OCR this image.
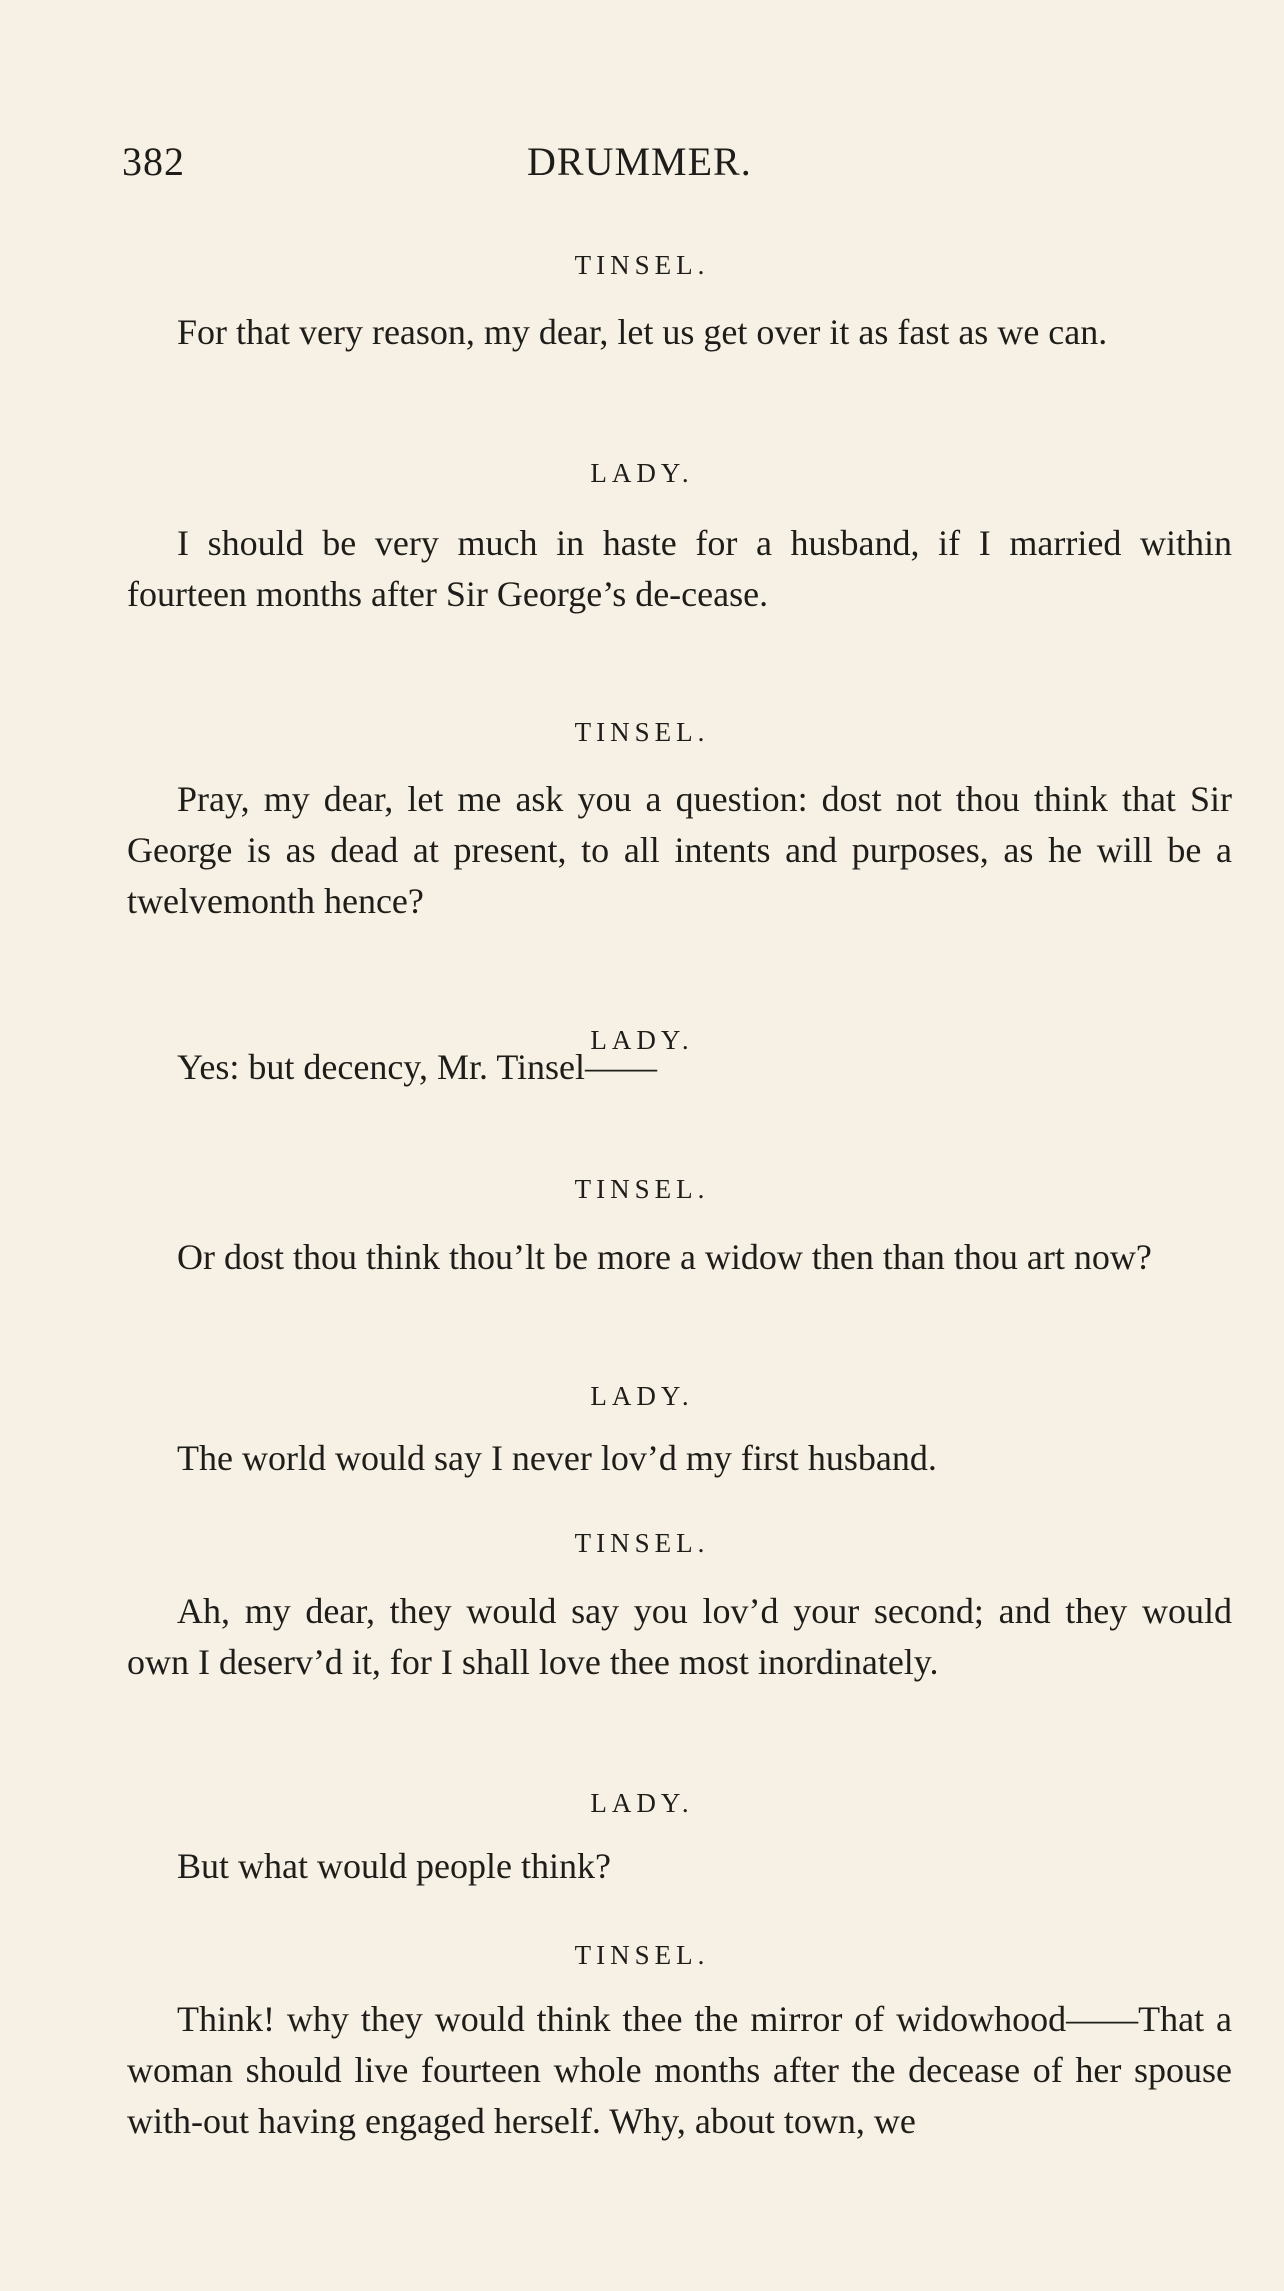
382	DRUMMER.
TINSEL.
For that very reason, my dear, let us get over it as fast as we can.
LADY.
I should be very much in haste for a husband, if I married within fourteen months after Sir George’s de-cease.
TINSEL.
Pray, my dear, let me ask you a question: dost not thou think that Sir George is as dead at present, to all intents and purposes, as he will be a twelvemonth hence?
LADY.
Yes: but decency, Mr. Tinsel——
TINSEL.
Or dost thou think thou’lt be more a widow then than thou art now?
LADY.
The world would say I never lov’d my first husband.
TINSEL.
Ah, my dear, they would say you lov’d your second; and they would own I deserv’d it, for I shall love thee most inordinately.
LADY.
But what would people think?
TINSEL.
Think! why they would think thee the mirror of widowhood——That a woman should live fourteen whole months after the decease of her spouse with-out having engaged herself. Why, about town, we
